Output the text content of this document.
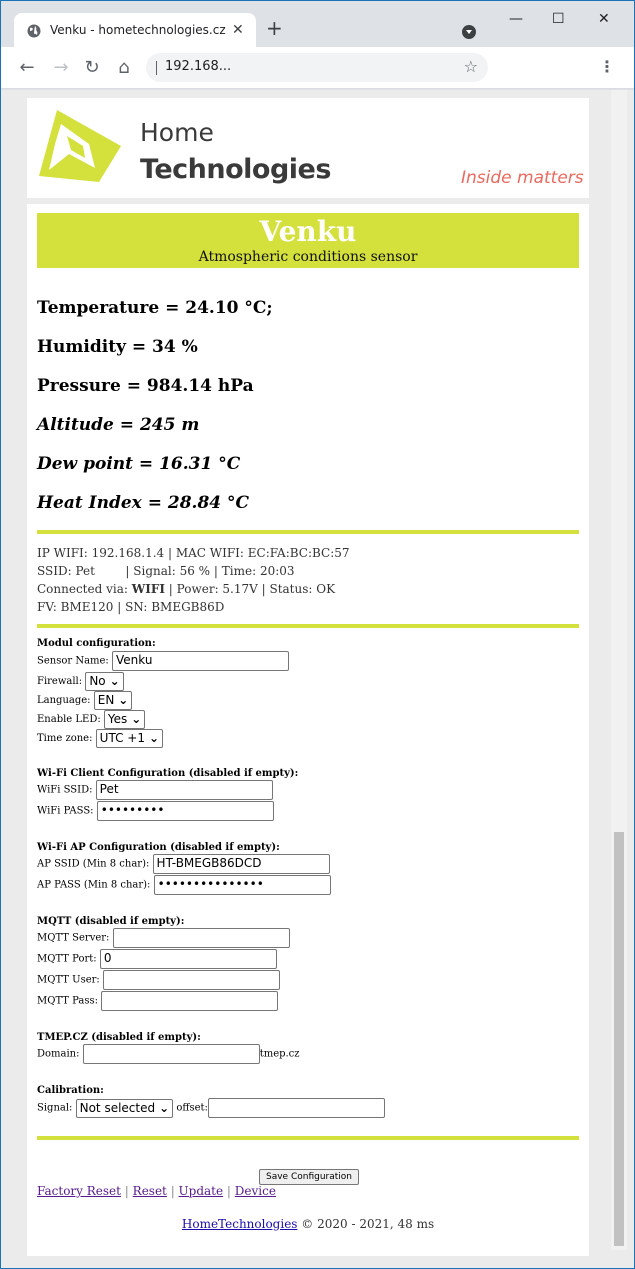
Venku - hometechnologies.cz ✕ +	— ☐ ✕
← → ↻	⌂	192.168...	☆	⋮
Home
Technologies	Inside matters
Venku
Atmospheric conditions sensor
Temperature = 24.10 °C;
Humidity = 34 %
Pressure = 984.14 hPa
Altitude = 245 m
Dew point = 16.31 °C
Heat Index = 28.84 °C
IP WIFI: 192.168.1.4 | MAC WIFI: EC:FA:BC:BC:57
SSID: Pet        | Signal: 56 % | Time: 20:03
Connected via: WIFI | Power: 5.17V | Status: OK
FV: BME120 | SN: BMEGB86D
Modul configuration:
Sensor Name: Venku
Firewall: No ⌄
Language: EN ⌄
Enable LED: Yes ⌄
Time zone: UTC +1 ⌄
Wi-Fi Client Configuration (disabled if empty):
WiFi SSID: Pet
WiFi PASS: •••••••••
Wi-Fi AP Configuration (disabled if empty):
AP SSID (Min 8 char): HT-BMEGB86DCD
AP PASS (Min 8 char): •••••••••••••••
MQTT (disabled if empty):
MQTT Server:
MQTT Port: 0
MQTT User:
MQTT Pass:
TMEP.CZ (disabled if empty):
Domain:	tmep.cz
Calibration:
Signal: Not selected ⌄ offset:
Save Configuration
Factory Reset | Reset | Update | Device
HomeTechnologies © 2020 - 2021, 48 ms
